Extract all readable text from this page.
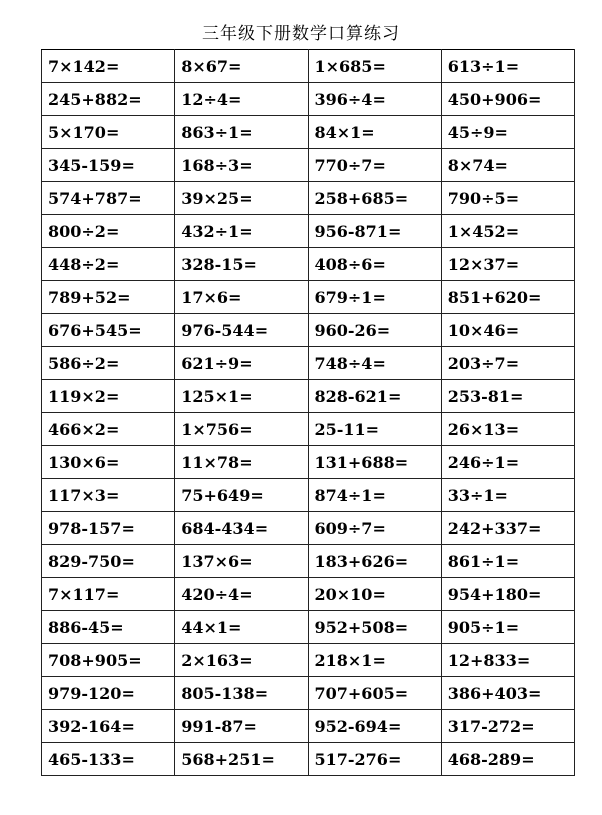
三年级下册数学口算练习
7×142=	8×67=	1×685=	613÷1=
245+882=	12÷4=	396÷4=	450+906=
5×170=	863÷1=	84×1=	45÷9=
345-159=	168÷3=	770÷7=	8×74=
574+787=	39×25=	258+685=	790÷5=
800÷2=	432÷1=	956-871=	1×452=
448÷2=	328-15=	408÷6=	12×37=
789+52=	17×6=	679÷1=	851+620=
676+545=	976-544=	960-26=	10×46=
586÷2=	621÷9=	748÷4=	203÷7=
119×2=	125×1=	828-621=	253-81=
466×2=	1×756=	25-11=	26×13=
130×6=	11×78=	131+688=	246÷1=
117×3=	75+649=	874÷1=	33÷1=
978-157=	684-434=	609÷7=	242+337=
829-750=	137×6=	183+626=	861÷1=
7×117=	420÷4=	20×10=	954+180=
886-45=	44×1=	952+508=	905÷1=
708+905=	2×163=	218×1=	12+833=
979-120=	805-138=	707+605=	386+403=
392-164=	991-87=	952-694=	317-272=
465-133=	568+251=	517-276=	468-289=
